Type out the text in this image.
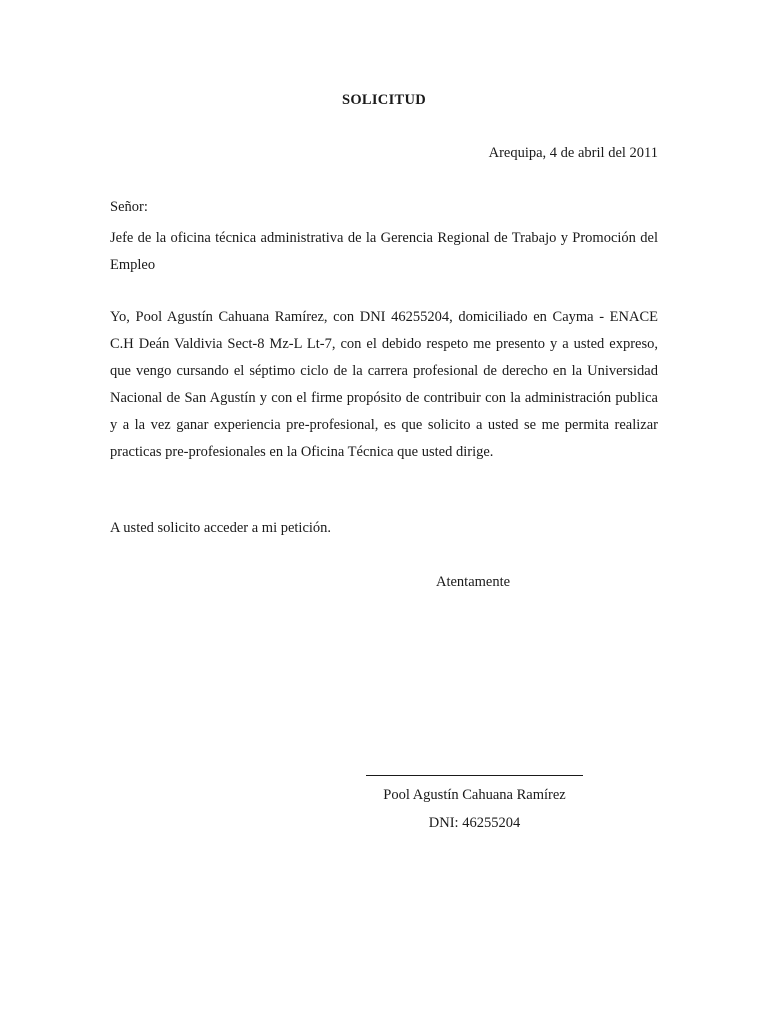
SOLICITUD
Arequipa, 4 de abril del 2011
Señor:
Jefe de la oficina técnica administrativa de la Gerencia Regional de Trabajo y Promoción del Empleo
Yo, Pool Agustín Cahuana Ramírez, con DNI 46255204, domiciliado en Cayma - ENACE C.H Deán Valdivia Sect-8 Mz-L Lt-7, con el debido respeto me presento y a usted expreso, que vengo cursando el séptimo ciclo de la carrera profesional de derecho en la Universidad Nacional de San Agustín y con el firme propósito de contribuir con la administración publica y a la vez ganar experiencia pre-profesional, es que solicito a usted se me permita realizar practicas pre-profesionales en la Oficina Técnica que usted dirige.
A usted solicito acceder a mi petición.
Atentamente
Pool Agustín Cahuana Ramírez
DNI: 46255204
